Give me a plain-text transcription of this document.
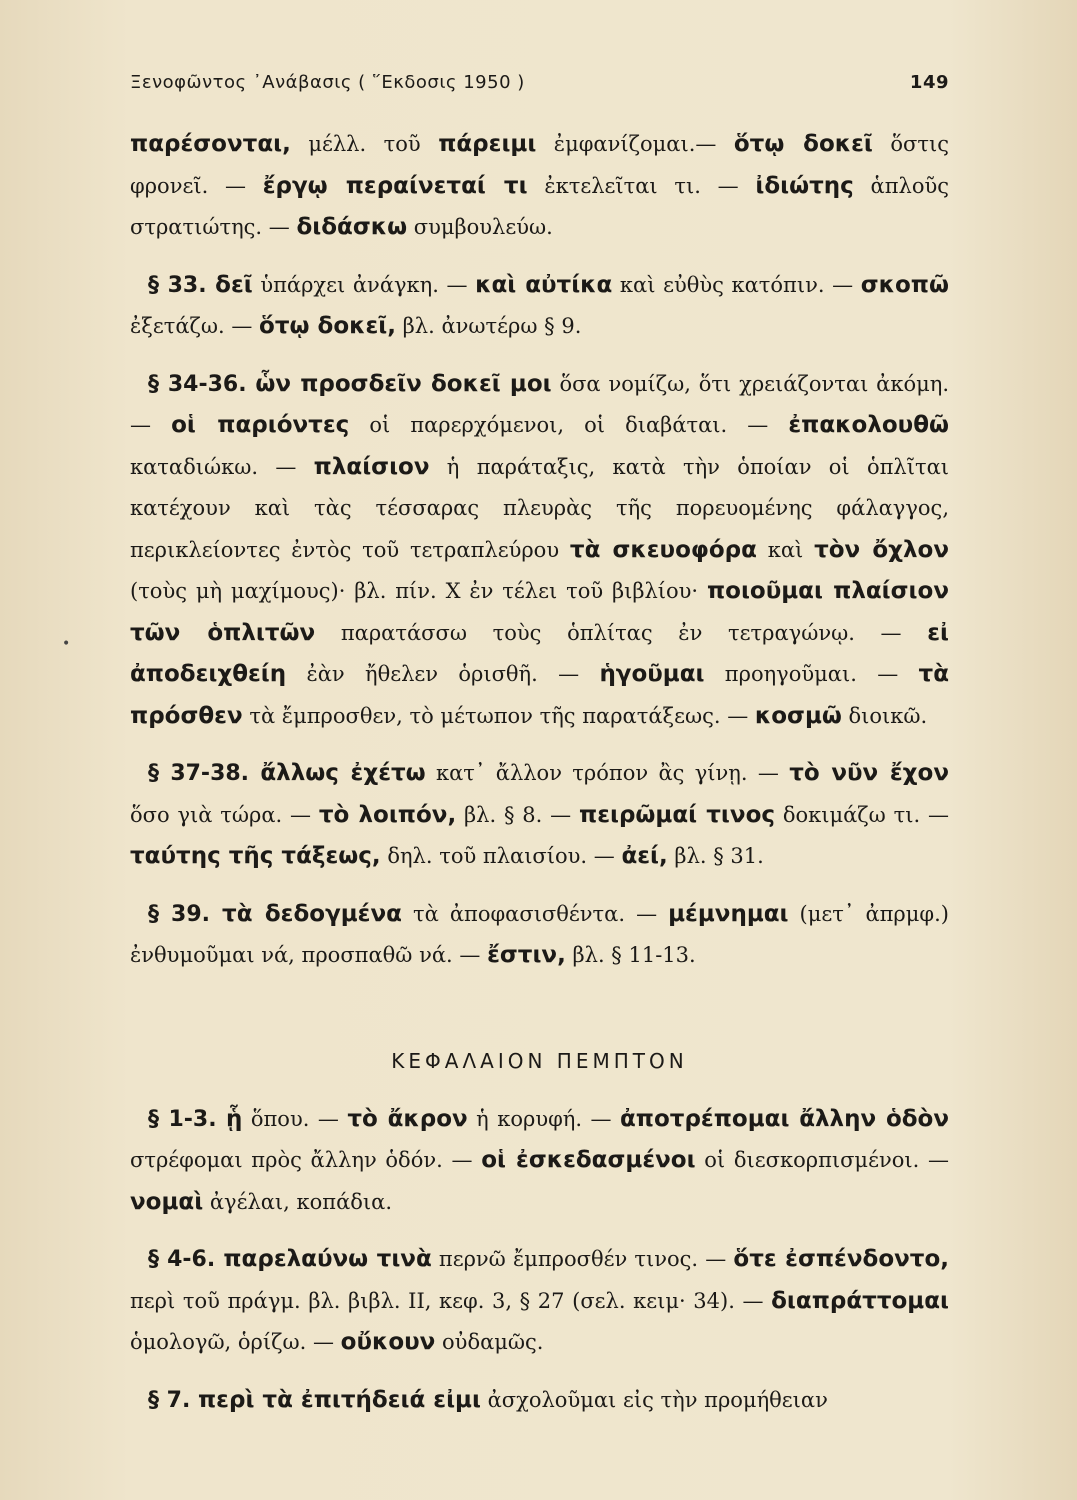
Ξενοφῶντος ᾽Ανάβασις ( ῞Εκδοσις 1950 )	149
•

παρέσονται, μέλλ. τοῦ πάρειμι ἐμφανίζομαι.— ὅτῳ δοκεῖ ὅστις φρονεῖ. — ἔργῳ περαίνεταί τι ἐκτελεῖται τι. — ἰδιώτης ἁπλοῦς στρατιώτης. — διδάσκω συμβουλεύω.

§ 33. δεῖ ὑπάρχει ἀνάγκη. — καὶ αὐτίκα καὶ εὐθὺς κατόπιν. — σκοπῶ ἐξετάζω. — ὅτῳ δοκεῖ, βλ. ἀνωτέρω § 9.

§ 34-36. ὧν προσδεῖν δοκεῖ μοι ὅσα νομίζω, ὅτι χρειάζονται ἀκόμη. — οἱ παριόντες οἱ παρερχόμενοι, οἱ διαβάται. — ἐπακολουθῶ καταδιώκω. — πλαίσιον ἡ παράταξις, κατὰ τὴν ὁποίαν οἱ ὁπλῖται κατέχουν καὶ τὰς τέσσαρας πλευρὰς τῆς πορευομένης φάλαγγος, περικλείοντες ἐντὸς τοῦ τετραπλεύρου τὰ σκευοφόρα καὶ τὸν ὄχλον (τοὺς μὴ μαχίμους)· βλ. πίν. Χ ἐν τέλει τοῦ βιβλίου· ποιοῦμαι πλαίσιον τῶν ὁπλιτῶν παρατάσσω τοὺς ὁπλίτας ἐν τετραγώνῳ. — εἰ ἀποδειχθείη ἐὰν ἤθελεν ὁρισθῆ. — ἡγοῦμαι προηγοῦμαι. — τὰ πρόσθεν τὰ ἔμπροσθεν, τὸ μέτωπον τῆς παρατάξεως. — κοσμῶ διοικῶ.

§ 37-38. ἄλλως ἐχέτω κατ᾽ ἄλλον τρόπον ἂς γίνῃ. — τὸ νῦν ἔχον ὅσο γιὰ τώρα. — τὸ λοιπόν, βλ. § 8. — πειρῶμαί τινος δοκιμάζω τι. — ταύτης τῆς τάξεως, δηλ. τοῦ πλαισίου. — ἀεί, βλ. § 31.

§ 39. τὰ δεδογμένα τὰ ἀποφασισθέντα. — μέμνημαι (μετ᾽ ἀπρμφ.) ἐνθυμοῦμαι νά, προσπαθῶ νά. — ἔστιν, βλ. § 11-13.

ΚΕΦΑΛΑΙΟΝ ΠΕΜΠΤΟΝ

§ 1-3. ᾗ ὅπου. — τὸ ἄκρον ἡ κορυφή. — ἀποτρέπομαι ἄλλην ὁδὸν στρέφομαι πρὸς ἄλλην ὁδόν. — οἱ ἐσκεδασμένοι οἱ διεσκορπισμένοι. — νομαὶ ἀγέλαι, κοπάδια.

§ 4-6. παρελαύνω τινὰ περνῶ ἔμπροσθέν τινος. — ὅτε ἐσπένδοντο, περὶ τοῦ πράγμ. βλ. βιβλ. ΙΙ, κεφ. 3, § 27 (σελ. κειμ· 34). — διαπράττομαι ὁμολογῶ, ὁρίζω. — οὔκουν οὐδαμῶς.

§ 7. περὶ τὰ ἐπιτήδειά εἰμι ἀσχολοῦμαι εἰς τὴν προμήθειαν
